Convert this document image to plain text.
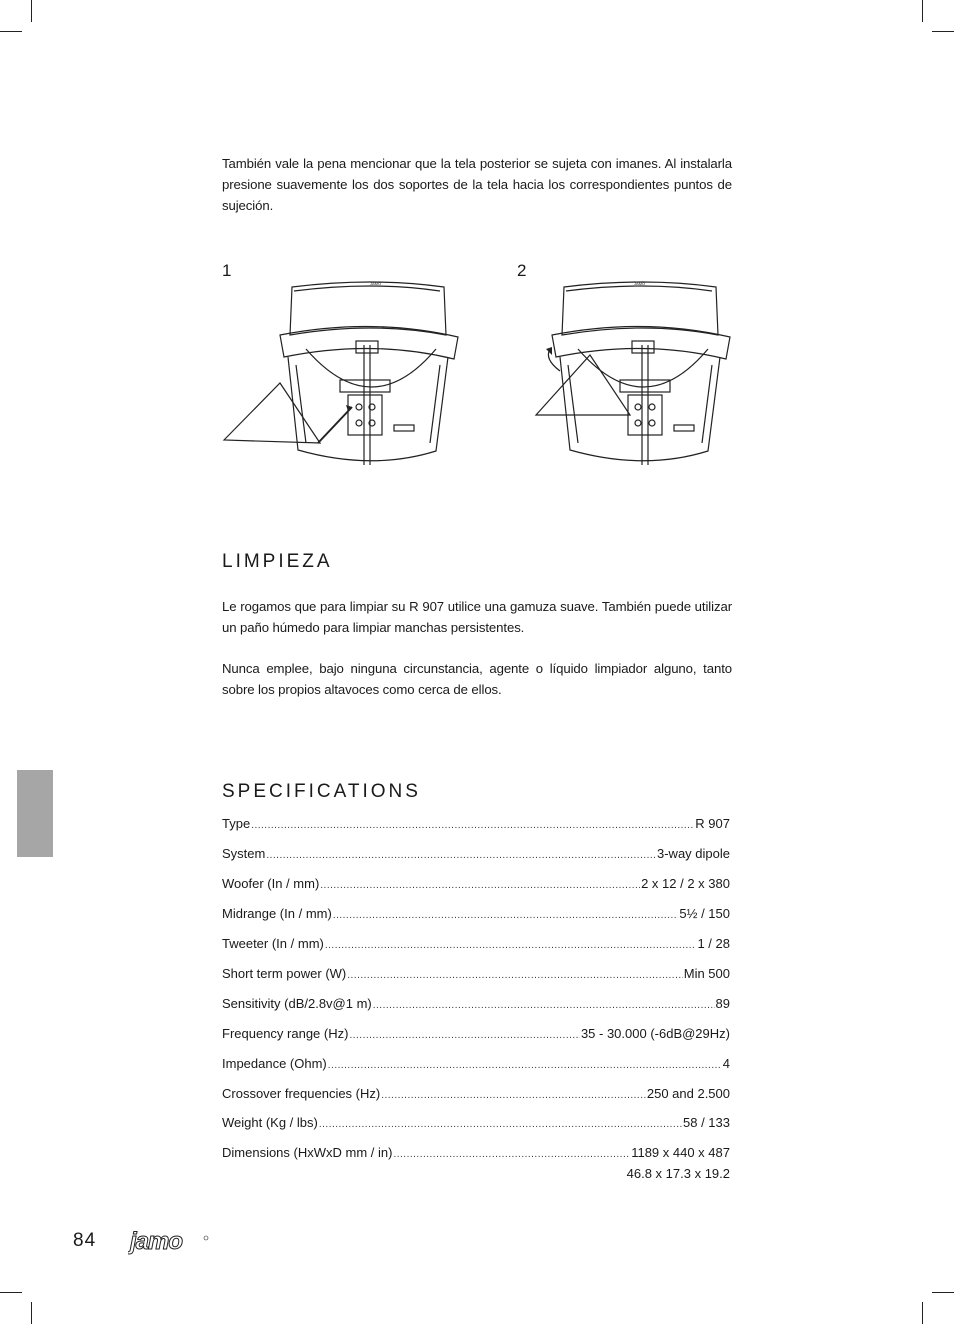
También vale la pena mencionar que la tela posterior se sujeta con imanes. Al instalarla presione suavemente los dos soportes de la tela hacia los correspondientes puntos de sujeción.

1	2
JAMO	JAMO
LIMPIEZA

Le rogamos que para limpiar su R 907 utilice una gamuza suave. También puede utilizar un paño húmedo para limpiar manchas persistentes.

Nunca emplee, bajo ninguna circunstancia, agente o líquido limpiador alguno, tanto sobre los propios altavoces como cerca de ellos.

SPECIFICATIONS
Type .....	R 907
System .....	3-way dipole
Woofer (In / mm) .....	2 x 12 / 2 x 380
Midrange (In / mm) .....	5½ / 150
Tweeter (In / mm) .....	1 / 28
Short term power (W) .....	Min 500
Sensitivity (dB/2.8v@1 m) .....	89
Frequency range (Hz) .....	35 - 30.000 (-6dB@29Hz)
Impedance (Ohm) .....	4
Crossover frequencies (Hz) .....	250 and 2.500
Weight (Kg / lbs) .....	58 / 133
Dimensions (HxWxD mm / in) .....	1189 x 440 x 487
46.8 x 17.3 x 19.2
84 jamo
